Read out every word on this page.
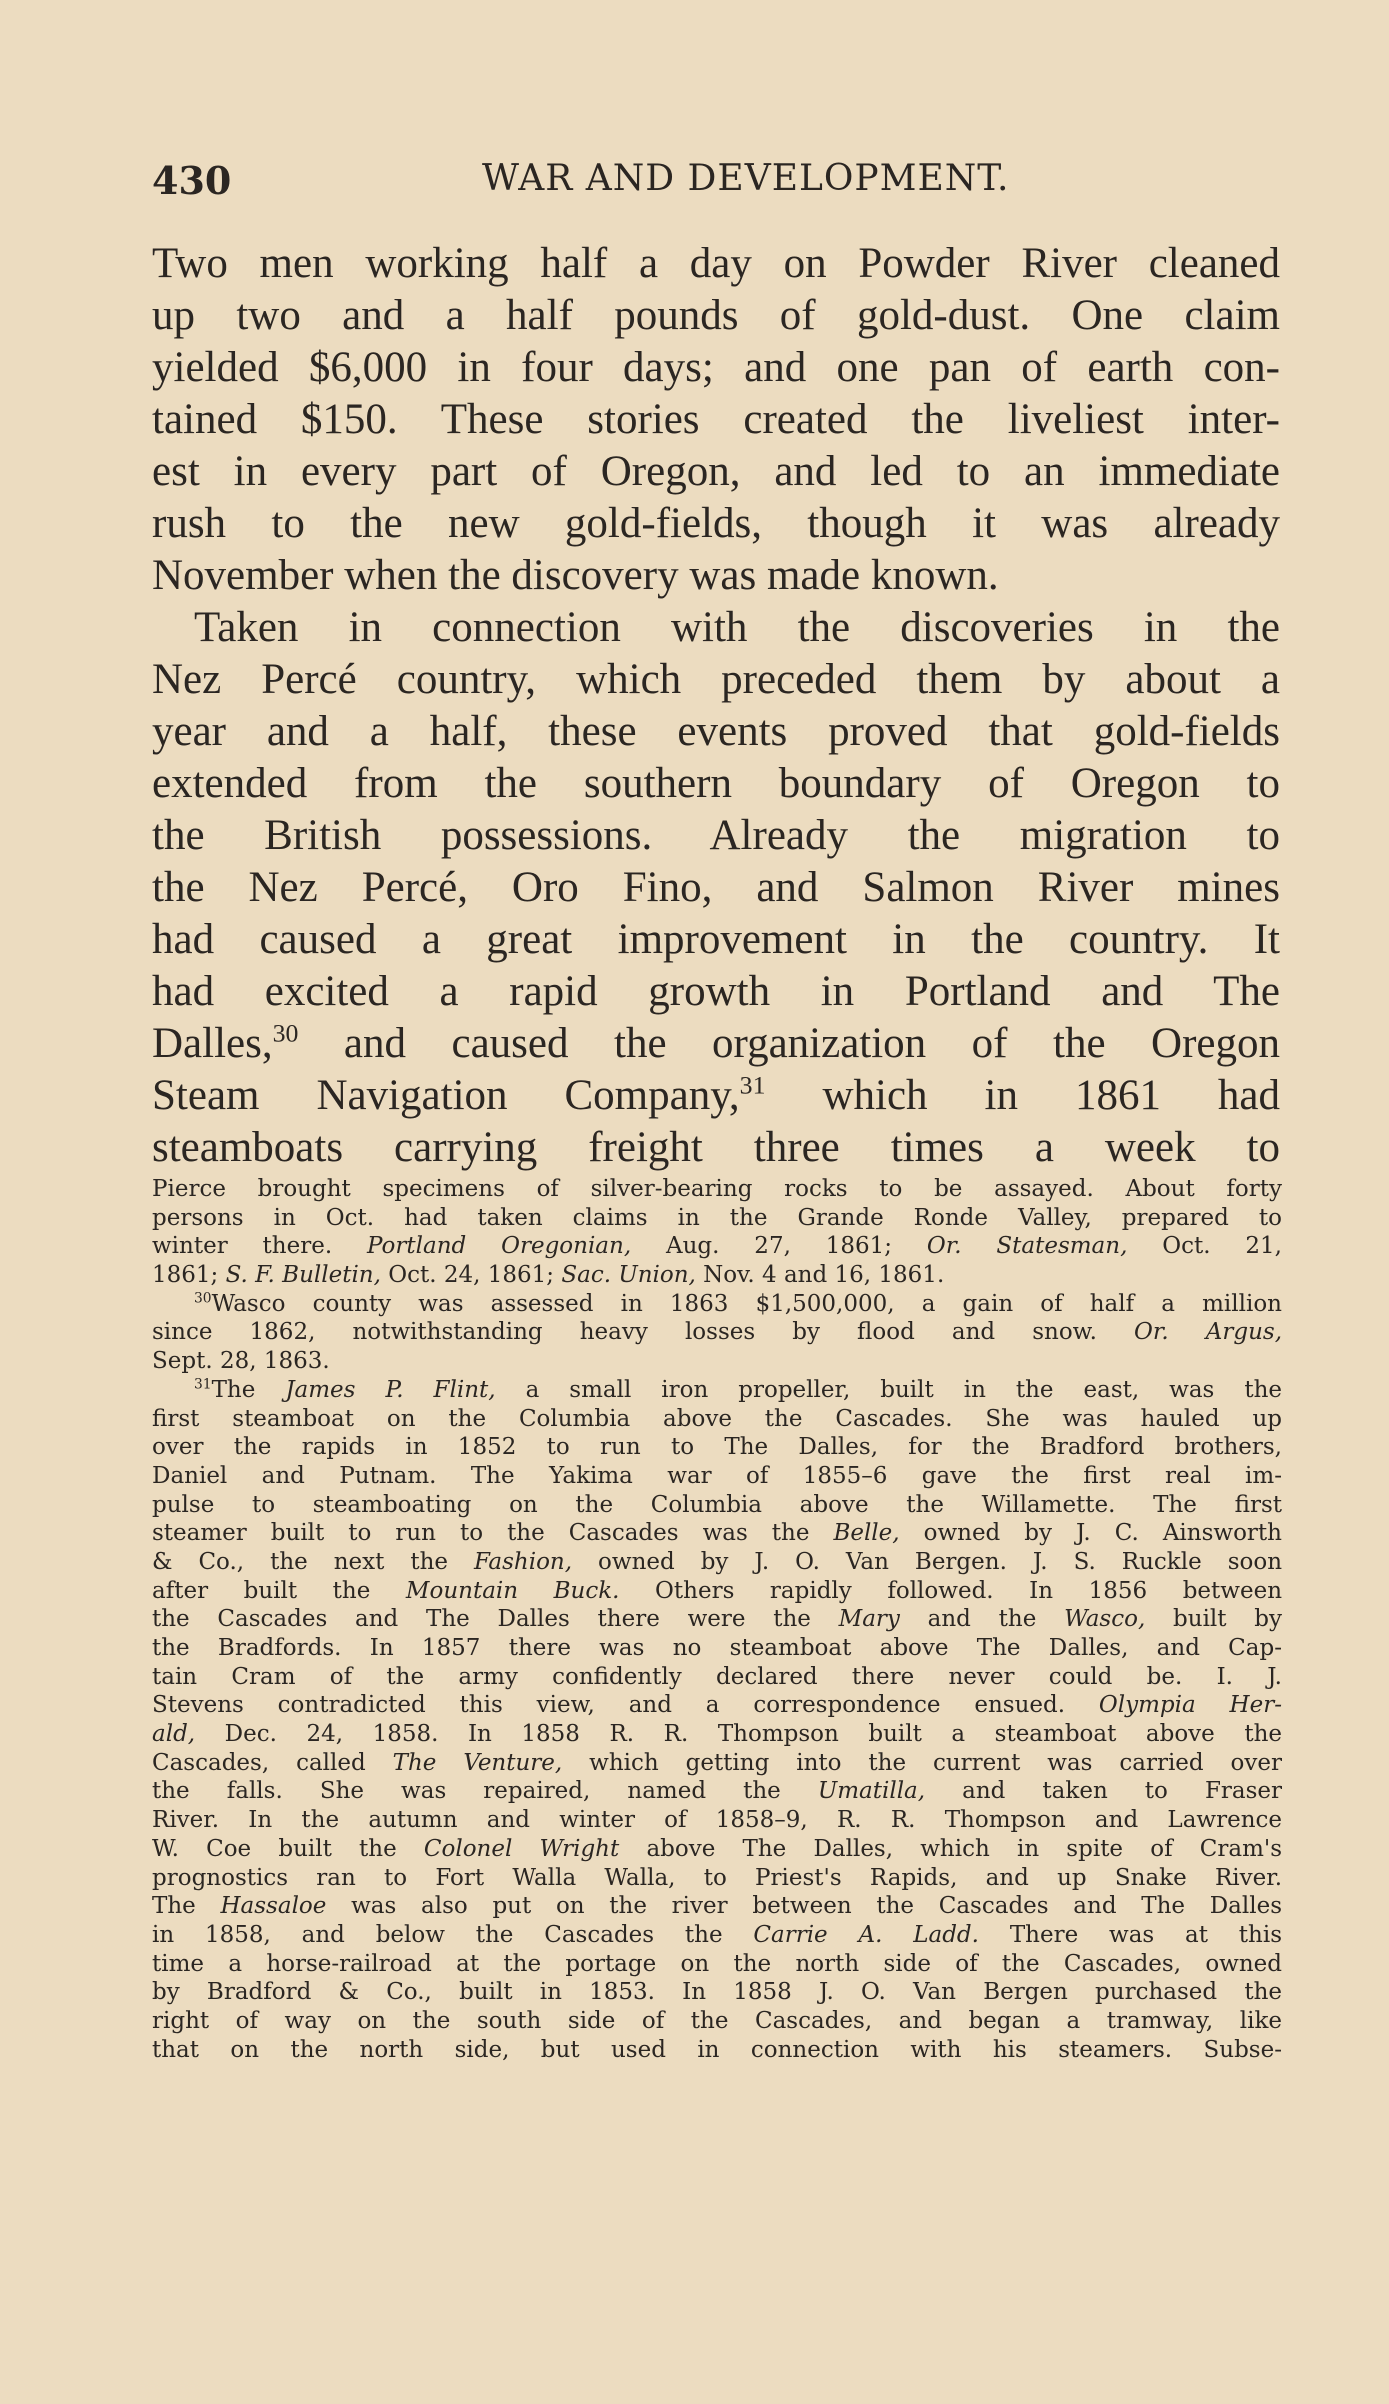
430	WAR AND DEVELOPMENT.
Two men working half a day on Powder River cleaned
up two and a half pounds of gold-dust. One claim
yielded $6,000 in four days; and one pan of earth con-
tained $150. These stories created the liveliest inter-
est in every part of Oregon, and led to an immediate
rush to the new gold-fields, though it was already
November when the discovery was made known.
Taken in connection with the discoveries in the
Nez Percé country, which preceded them by about a
year and a half, these events proved that gold-fields
extended from the southern boundary of Oregon to
the British possessions. Already the migration to
the Nez Percé, Oro Fino, and Salmon River mines
had caused a great improvement in the country. It
had excited a rapid growth in Portland and The
Dalles,$^{30}$ and caused the organization of the Oregon
Steam Navigation Company,$^{31}$ which in 1861 had
steamboats carrying freight three times a week to
Pierce brought specimens of silver-bearing rocks to be assayed. About forty
persons in Oct. had taken claims in the Grande Ronde Valley, prepared to
winter there. Portland Oregonian, Aug. 27, 1861; Or. Statesman, Oct. 21,
1861; S. F. Bulletin, Oct. 24, 1861; Sac. Union, Nov. 4 and 16, 1861.
$^{30}$Wasco county was assessed in 1863 $1,500,000, a gain of half a million
since 1862, notwithstanding heavy losses by flood and snow. Or. Argus,
Sept. 28, 1863.
$^{31}$The James P. Flint, a small iron propeller, built in the east, was the
first steamboat on the Columbia above the Cascades. She was hauled up
over the rapids in 1852 to run to The Dalles, for the Bradford brothers,
Daniel and Putnam. The Yakima war of 1855–6 gave the first real im-
pulse to steamboating on the Columbia above the Willamette. The first
steamer built to run to the Cascades was the Belle, owned by J. C. Ainsworth
& Co., the next the Fashion, owned by J. O. Van Bergen. J. S. Ruckle soon
after built the Mountain Buck. Others rapidly followed. In 1856 between
the Cascades and The Dalles there were the Mary and the Wasco, built by
the Bradfords. In 1857 there was no steamboat above The Dalles, and Cap-
tain Cram of the army confidently declared there never could be. I. J.
Stevens contradicted this view, and a correspondence ensued. Olympia Her-
ald, Dec. 24, 1858. In 1858 R. R. Thompson built a steamboat above the
Cascades, called The Venture, which getting into the current was carried over
the falls. She was repaired, named the Umatilla, and taken to Fraser
River. In the autumn and winter of 1858–9, R. R. Thompson and Lawrence
W. Coe built the Colonel Wright above The Dalles, which in spite of Cram's
prognostics ran to Fort Walla Walla, to Priest's Rapids, and up Snake River.
The Hassaloe was also put on the river between the Cascades and The Dalles
in 1858, and below the Cascades the Carrie A. Ladd. There was at this
time a horse-railroad at the portage on the north side of the Cascades, owned
by Bradford & Co., built in 1853. In 1858 J. O. Van Bergen purchased the
right of way on the south side of the Cascades, and began a tramway, like
that on the north side, but used in connection with his steamers. Subse-
